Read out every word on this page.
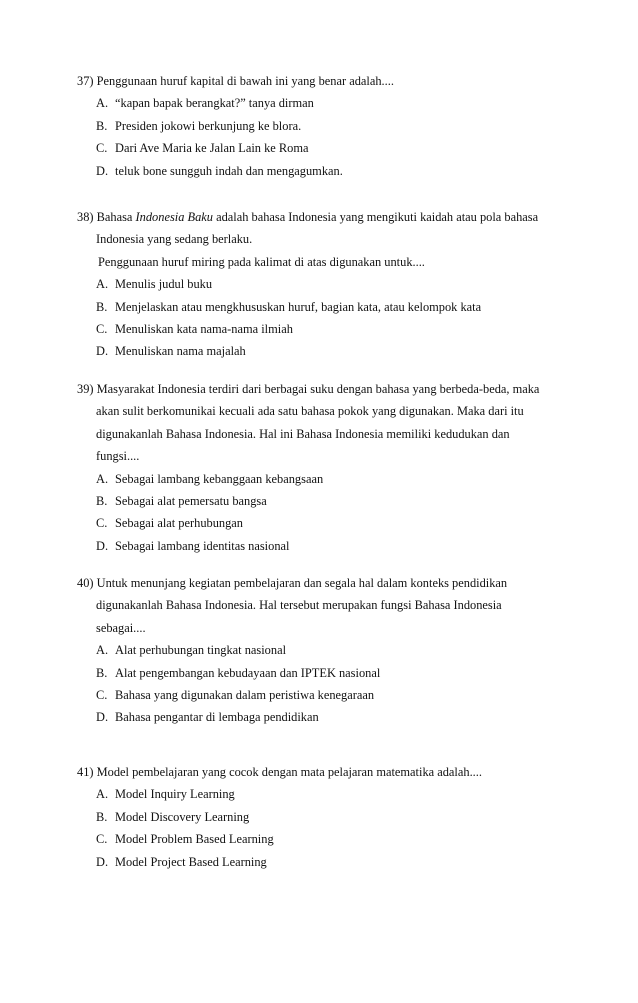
37) Penggunaan huruf kapital di bawah ini yang benar adalah....
A. “kapan bapak berangkat?” tanya dirman
B. Presiden jokowi berkunjung ke blora.
C. Dari Ave Maria ke Jalan Lain ke Roma
D. teluk bone sungguh indah dan mengagumkan.
38) Bahasa Indonesia Baku adalah bahasa Indonesia yang mengikuti kaidah atau pola bahasa
Indonesia yang sedang berlaku.
Penggunaan huruf miring pada kalimat di atas digunakan untuk....
A. Menulis judul buku
B. Menjelaskan atau mengkhususkan huruf, bagian kata, atau kelompok kata
C. Menuliskan kata nama-nama ilmiah
D. Menuliskan nama majalah
39) Masyarakat Indonesia terdiri dari berbagai suku dengan bahasa yang berbeda-beda, maka
akan sulit berkomunikai kecuali ada satu bahasa pokok yang digunakan. Maka dari itu
digunakanlah Bahasa Indonesia. Hal ini Bahasa Indonesia memiliki kedudukan dan
fungsi....
A. Sebagai lambang kebanggaan kebangsaan
B. Sebagai alat pemersatu bangsa
C. Sebagai alat perhubungan
D. Sebagai lambang identitas nasional
40) Untuk menunjang kegiatan pembelajaran dan segala hal dalam konteks pendidikan
digunakanlah Bahasa Indonesia. Hal tersebut merupakan fungsi Bahasa Indonesia
sebagai....
A. Alat perhubungan tingkat nasional
B. Alat pengembangan kebudayaan dan IPTEK nasional
C. Bahasa yang digunakan dalam peristiwa kenegaraan
D. Bahasa pengantar di lembaga pendidikan
41) Model pembelajaran yang cocok dengan mata pelajaran matematika adalah....
A. Model Inquiry Learning
B. Model Discovery Learning
C. Model Problem Based Learning
D. Model Project Based Learning
